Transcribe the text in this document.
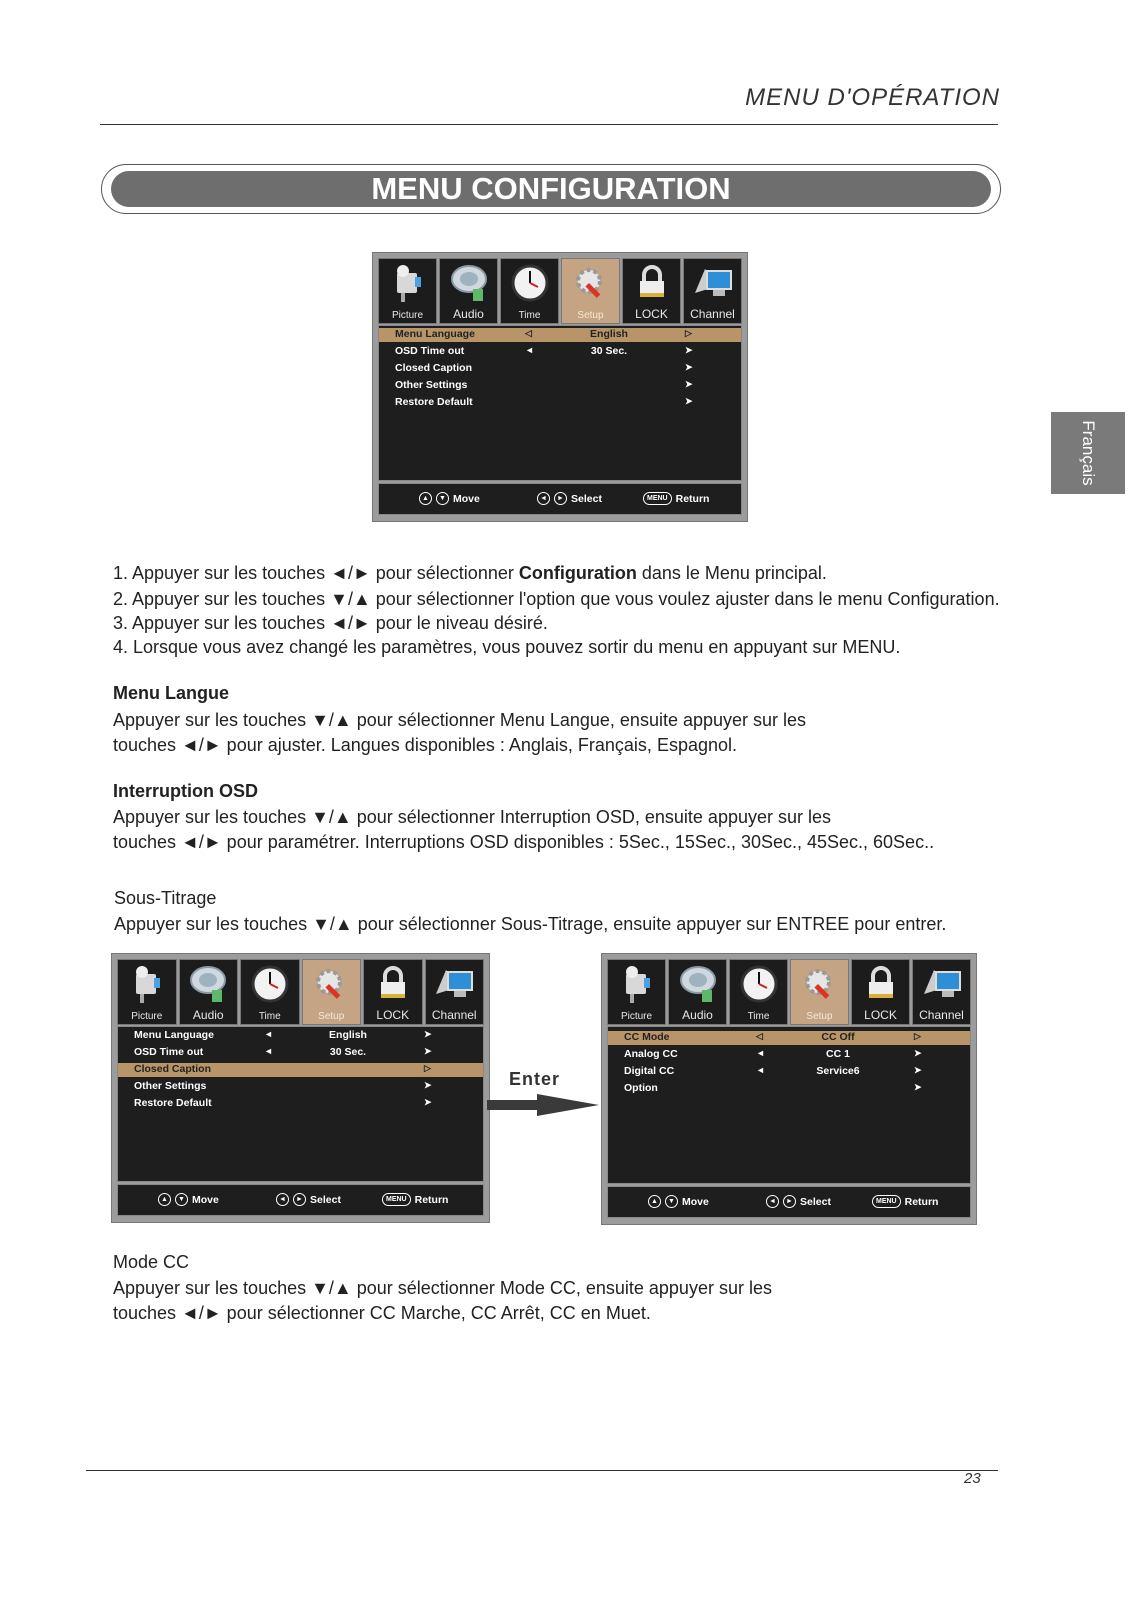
MENU D'OPÉRATION
MENU CONFIGURATION
Français
Picture	Audio	Time	Setup	LOCK	Channel
Menu Language	◁	English	▷
OSD Time out	◄	30 Sec.	➤
Closed Caption	➤
Other Settings	➤
Restore Default	➤
▲	▼ Move	◄	► Select	MENU Return
1. Appuyer sur les touches ◄/► pour sélectionner Configuration dans le Menu principal.
2. Appuyer sur les touches ▼/▲ pour sélectionner l'option que vous voulez ajuster dans le menu Configuration.
3. Appuyer sur les touches ◄/► pour le niveau désiré.
4. Lorsque vous avez changé les paramètres, vous pouvez sortir du menu en appuyant sur MENU.
Menu Langue
Appuyer sur les touches ▼/▲ pour sélectionner Menu Langue, ensuite appuyer sur les
touches ◄/► pour ajuster. Langues disponibles : Anglais, Français, Espagnol.
Interruption OSD
Appuyer sur les touches ▼/▲ pour sélectionner Interruption OSD, ensuite appuyer sur les
touches ◄/► pour paramétrer. Interruptions OSD disponibles : 5Sec., 15Sec., 30Sec., 45Sec., 60Sec..
Sous-Titrage
Appuyer sur les touches ▼/▲ pour sélectionner Sous-Titrage, ensuite appuyer sur ENTREE pour entrer.
Picture	Audio	Time	Setup	LOCK	Channel
Menu Language	◄	English	➤
OSD Time out	◄	30 Sec.	➤
Closed Caption	▷
Other Settings	➤
Restore Default	➤
▲	▼ Move	◄	► Select	MENU Return
Enter
Picture	Audio	Time	Setup	LOCK	Channel
CC Mode	◁	CC Off	▷
Analog CC	◄	CC 1	➤
Digital CC	◄	Service6	➤
Option	➤
▲	▼ Move	◄	► Select	MENU Return
Mode CC
Appuyer sur les touches ▼/▲ pour sélectionner Mode CC, ensuite appuyer sur les
touches ◄/► pour sélectionner CC Marche, CC Arrêt, CC en Muet.
23
